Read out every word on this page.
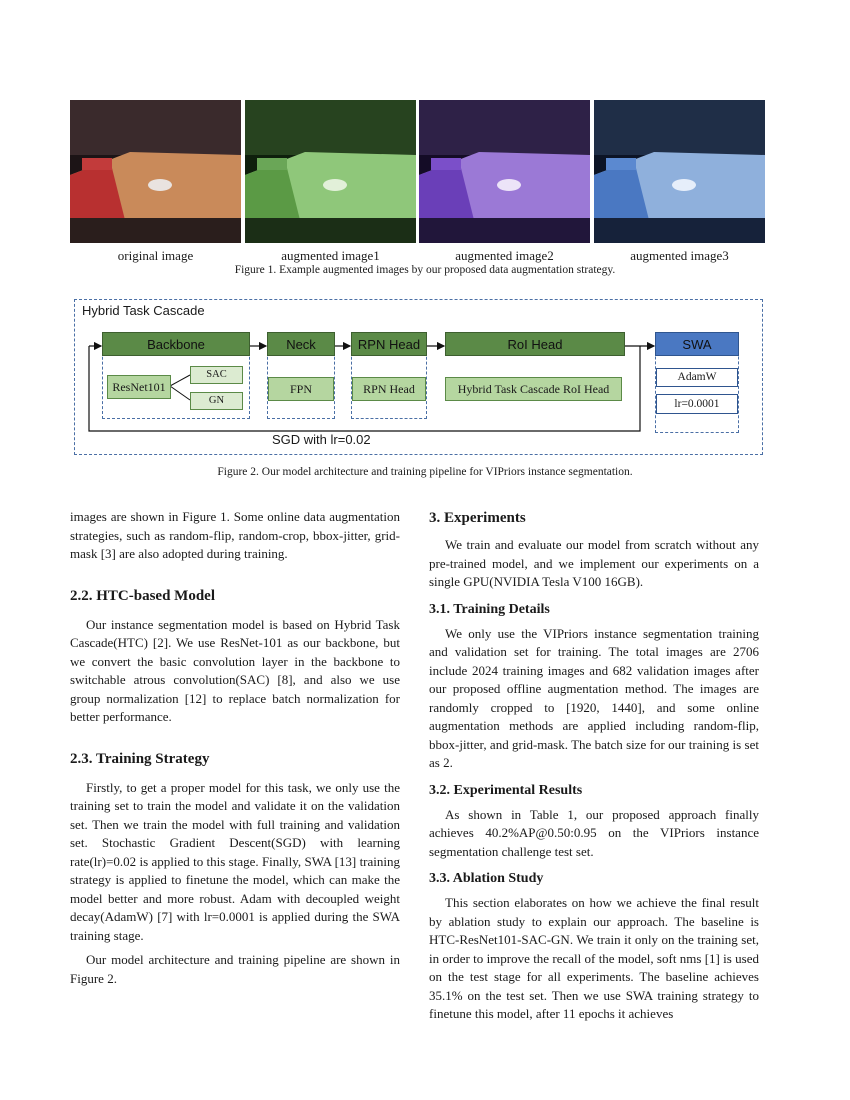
original image	augmented image1	augmented image2	augmented image3
Figure 1. Example augmented images by our proposed data augmentation strategy.
Hybrid Task Cascade
Backbone
ResNet101
SAC
GN
Neck
FPN
RPN Head
RPN Head
RoI Head
Hybrid Task Cascade RoI Head
SWA
AdamW
lr=0.0001
SGD with lr=0.02
Figure 2. Our model architecture and training pipeline for VIPriors instance segmentation.

images are shown in Figure 1. Some online data augmentation strategies, such as random-flip, random-crop, bbox-jitter, grid-mask [3] are also adopted during training.

2.2. HTC-based Model

Our instance segmentation model is based on Hybrid Task Cascade(HTC) [2]. We use ResNet-101 as our backbone, but we convert the basic convolution layer in the backbone to switchable atrous convolution(SAC) [8], and also we use group normalization [12] to replace batch normalization for better performance.

2.3. Training Strategy

Firstly, to get a proper model for this task, we only use the training set to train the model and validate it on the validation set. Then we train the model with full training and validation set. Stochastic Gradient Descent(SGD) with learning rate(lr)=0.02 is applied to this stage. Finally, SWA [13] training strategy is applied to finetune the model, which can make the model better and more robust. Adam with decoupled weight decay(AdamW) [7] with lr=0.0001 is applied during the SWA training stage.

Our model architecture and training pipeline are shown in Figure 2.

3. Experiments

We train and evaluate our model from scratch without any pre-trained model, and we implement our experiments on a single GPU(NVIDIA Tesla V100 16GB).

3.1. Training Details

We only use the VIPriors instance segmentation training and validation set for training. The total images are 2706 include 2024 training images and 682 validation images after our proposed offline augmentation method. The images are randomly cropped to [1920, 1440], and some online augmentation methods are applied including random-flip, bbox-jitter, and grid-mask. The batch size for our training is set as 2.

3.2. Experimental Results

As shown in Table 1, our proposed approach finally achieves 40.2%AP@0.50:0.95 on the VIPriors instance segmentation challenge test set.

3.3. Ablation Study

This section elaborates on how we achieve the final result by ablation study to explain our approach. The baseline is HTC-ResNet101-SAC-GN. We train it only on the training set, in order to improve the recall of the model, soft nms [1] is used on the test stage for all experiments. The baseline achieves 35.1% on the test set. Then we use SWA training strategy to finetune this model, after 11 epochs it achieves
